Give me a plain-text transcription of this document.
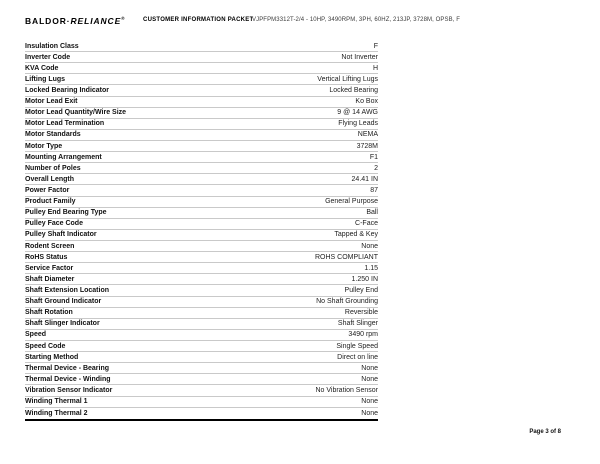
BALDOR·RELIANCE®	CUSTOMER INFORMATION PACKET
VJPFPM3312T-2/4 - 10HP, 3490RPM, 3PH, 60HZ, 213JP, 3728M, OPSB, F
Insulation Class	F
Inverter Code	Not Inverter
KVA Code	H
Lifting Lugs	Vertical Lifting Lugs
Locked Bearing Indicator	Locked Bearing
Motor Lead Exit	Ko Box
Motor Lead Quantity/Wire Size	9 @ 14 AWG
Motor Lead Termination	Flying Leads
Motor Standards	NEMA
Motor Type	3728M
Mounting Arrangement	F1
Number of Poles	2
Overall Length	24.41 IN
Power Factor	87
Product Family	General Purpose
Pulley End Bearing Type	Ball
Pulley Face Code	C-Face
Pulley Shaft Indicator	Tapped & Key
Rodent Screen	None
RoHS Status	ROHS COMPLIANT
Service Factor	1.15
Shaft Diameter	1.250 IN
Shaft Extension Location	Pulley End
Shaft Ground Indicator	No Shaft Grounding
Shaft Rotation	Reversible
Shaft Slinger Indicator	Shaft Slinger
Speed	3490 rpm
Speed Code	Single Speed
Starting Method	Direct on line
Thermal Device - Bearing	None
Thermal Device - Winding	None
Vibration Sensor Indicator	No Vibration Sensor
Winding Thermal 1	None
Winding Thermal 2	None
Page 3 of 8
